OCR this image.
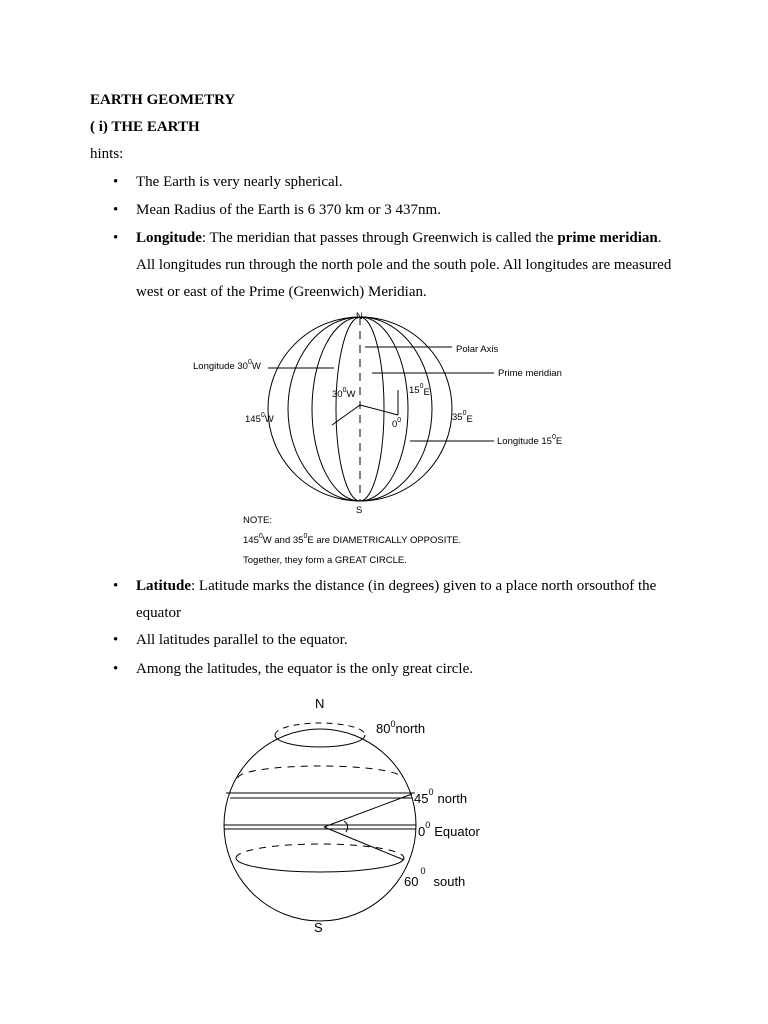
EARTH GEOMETRY
( i) THE EARTH
hints:
• The Earth is very nearly spherical.
• Mean Radius of the Earth is 6 370 km or 3 437nm.
• Longitude: The meridian that passes through Greenwich is called the prime meridian.
All longitudes run through the north pole and the south pole. All longitudes are measured
west or east of the Prime (Greenwich) Meridian.
N
S
Polar Axis
Prime meridian
Longitude $30^0W$
$30^0W$	$15^0E$
$145^0W$	$0^0$	$35^0E$
Longitude $15^0E$
NOTE:
$145^0W$ and $35^0E$ are DIAMETRICALLY OPPOSITE.
Together, they form a GREAT CIRCLE.
• Latitude: Latitude marks the distance (in degrees) given to a place north orsouthof the
equator
• All latitudes parallel to the equator.
• Among the latitudes, the equator is the only great circle.
N
S
$80^0north$
$45^0$ north
$0^0$ Equator
$60^0south$
